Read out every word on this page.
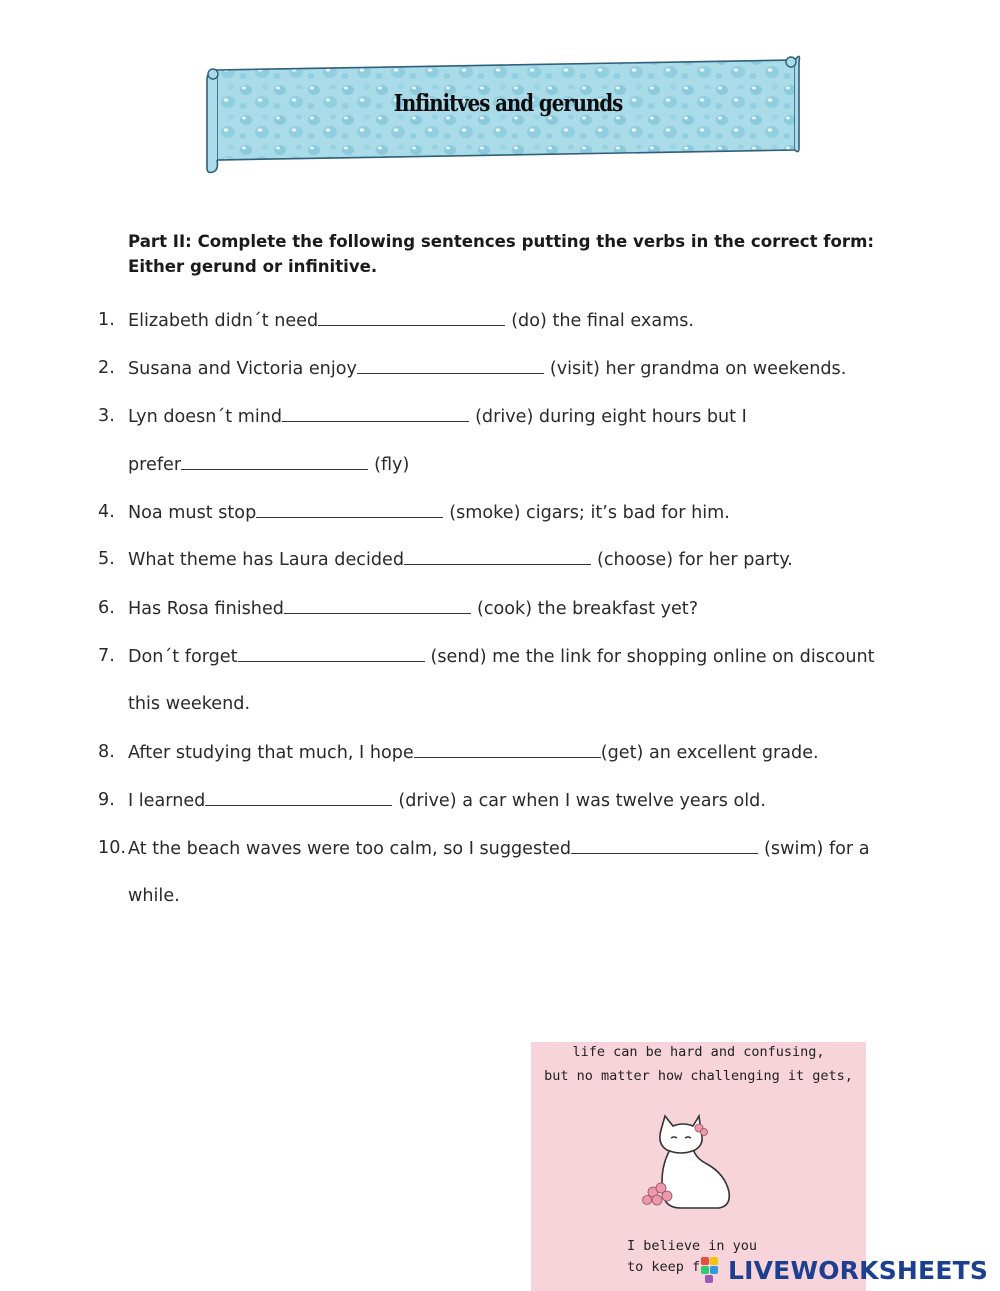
Infinitves and gerunds
Part II: Complete the following sentences putting the verbs in the correct form: Either gerund or infinitive.
1. Elizabeth didn´t need	(do) the final exams.
2. Susana and Victoria enjoy	(visit) her grandma on weekends.
3. Lyn doesn´t mind	(drive) during eight hours but I
prefer	(fly)
4. Noa must stop	(smoke) cigars; it’s bad for him.
5. What theme has Laura decided	(choose) for her party.
6. Has Rosa finished	(cook) the breakfast yet?
7. Don´t forget	(send) me the link for shopping online on discount
this weekend.
8. After studying that much, I hope	(get) an excellent grade.
9. I learned	(drive) a car when I was twelve years old.
10. At the beach waves were too calm, so I suggested	(swim) for a
while.
life can be hard and confusing,
but no matter how challenging it gets,
I believe in you
to keep f LIVEWORKSHEETS
